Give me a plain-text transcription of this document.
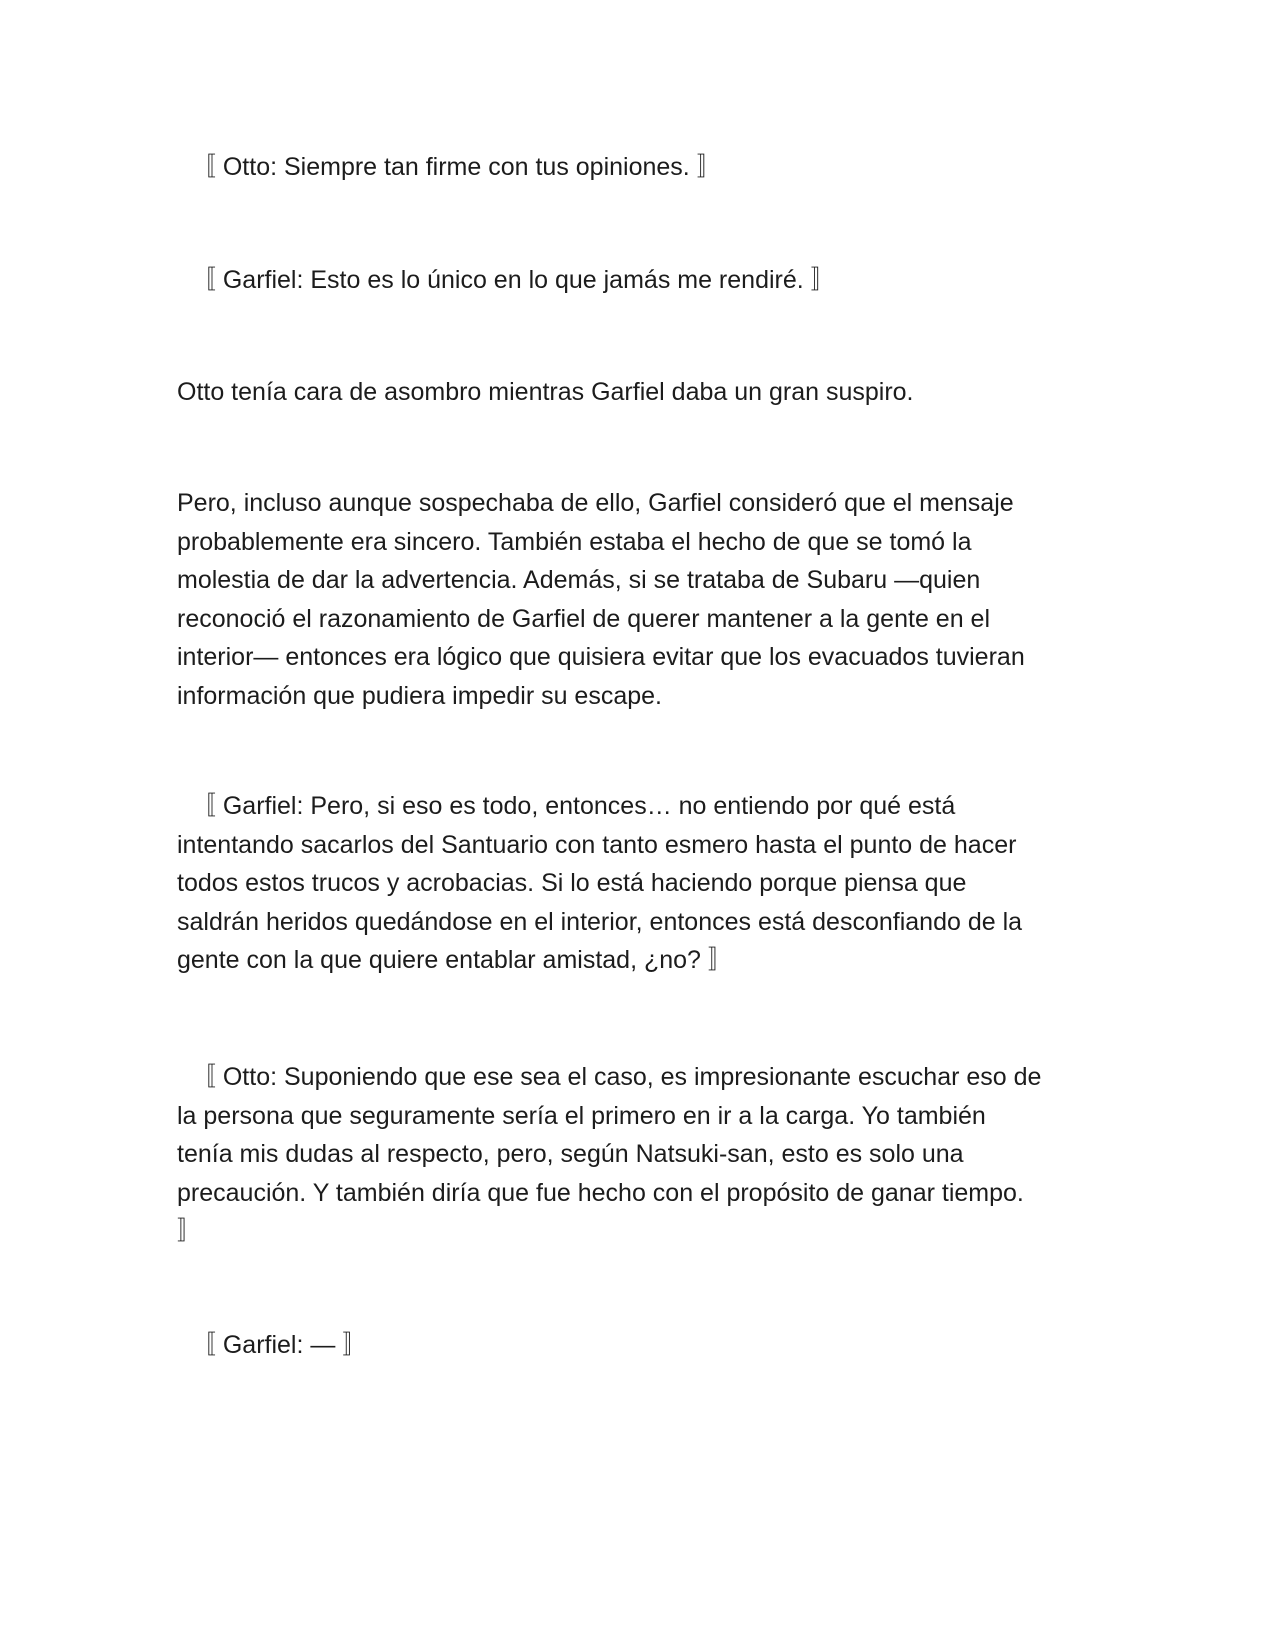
〚 Otto: Siempre tan firme con tus opiniones. 〛

〚 Garfiel: Esto es lo único en lo que jamás me rendiré. 〛

Otto tenía cara de asombro mientras Garfiel daba un gran suspiro.

Pero, incluso aunque sospechaba de ello, Garfiel consideró que el mensaje
probablemente era sincero. También estaba el hecho de que se tomó la
molestia de dar la advertencia. Además, si se trataba de Subaru —quien
reconoció el razonamiento de Garfiel de querer mantener a la gente en el
interior— entonces era lógico que quisiera evitar que los evacuados tuvieran
información que pudiera impedir su escape.

〚 Garfiel: Pero, si eso es todo, entonces… no entiendo por qué está
intentando sacarlos del Santuario con tanto esmero hasta el punto de hacer
todos estos trucos y acrobacias. Si lo está haciendo porque piensa que
saldrán heridos quedándose en el interior, entonces está desconfiando de la
gente con la que quiere entablar amistad, ¿no? 〛

〚 Otto: Suponiendo que ese sea el caso, es impresionante escuchar eso de
la persona que seguramente sería el primero en ir a la carga. Yo también
tenía mis dudas al respecto, pero, según Natsuki-san, esto es solo una
precaución. Y también diría que fue hecho con el propósito de ganar tiempo.
〛

〚 Garfiel: — 〛
